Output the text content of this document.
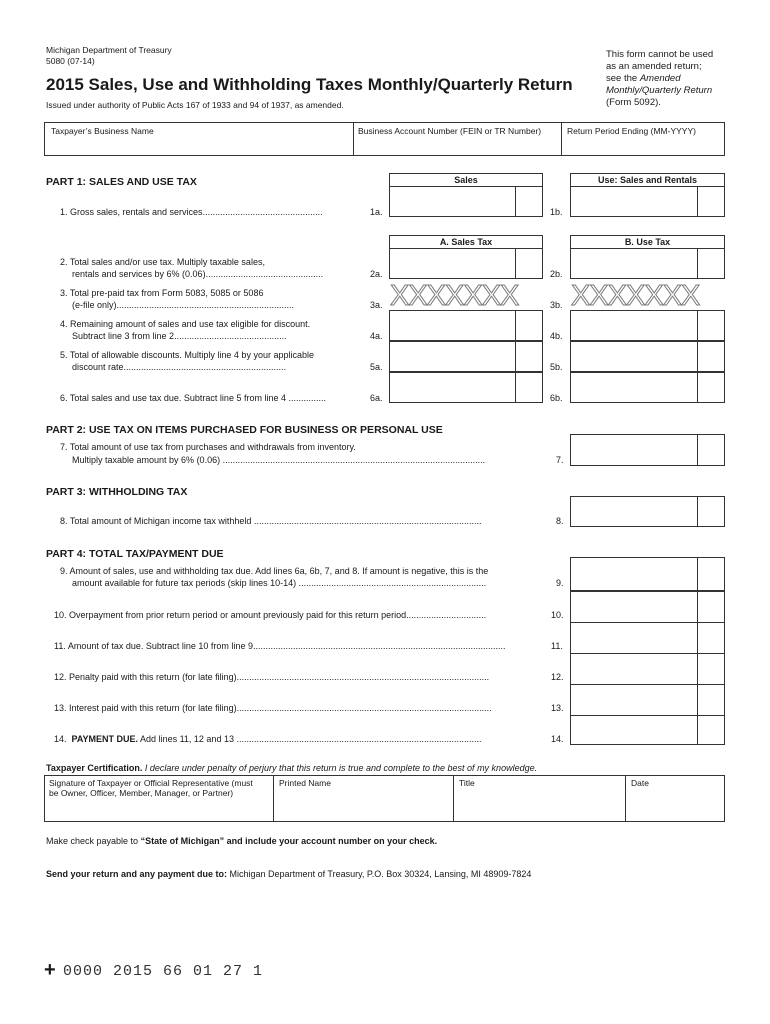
Michigan Department of Treasury
5080 (07-14)
2015 Sales, Use and Withholding Taxes Monthly/Quarterly Return
Issued under authority of Public Acts 167 of 1933 and 94 of 1937, as amended.
This form cannot be used
as an amended return;
see the Amended
Monthly/Quarterly Return
(Form 5092).
Taxpayer’s Business Name	Business Account Number (FEIN or TR Number)	Return Period Ending (MM-YYYY)
PART 1: SALES AND USE TAX	Sales	Use: Sales and Rentals
1. Gross sales, rentals and services................................................	1a.	1b.
A. Sales Tax	B. Use Tax
2. Total sales and/or use tax. Multiply taxable sales,
rentals and services by 6% (0.06)...............................................	2a.	2b.
3. Total pre-paid tax from Form 5083, 5085 or 5086
(e-file only).......................................................................	3a. XXXXXXX	3b. XXXXXXX
4. Remaining amount of sales and use tax eligible for discount.
Subtract line 3 from line 2.............................................	4a.	4b.
5. Total of allowable discounts. Multiply line 4 by your applicable
discount rate.................................................................	5a.	5b.
6. Total sales and use tax due. Subtract line 5 from line 4 ...............	6a.	6b.
PART 2: USE TAX ON ITEMS PURCHASED FOR BUSINESS OR PERSONAL USE
7. Total amount of use tax from purchases and withdrawals from inventory.
Multiply taxable amount by 6% (0.06) .........................................................................................................	7.
PART 3: WITHHOLDING TAX
8. Total amount of Michigan income tax withheld ...........................................................................................	8.
PART 4: TOTAL TAX/PAYMENT DUE
9. Amount of sales, use and withholding tax due. Add lines 6a, 6b, 7, and 8. If amount is negative, this is the
amount available for future tax periods (skip lines 10-14) ...........................................................................	9.
10. Overpayment from prior return period or amount previously paid for this return period................................	10.
11. Amount of tax due. Subtract line 10 from line 9.....................................................................................................	11.
12. Penalty paid with this return (for late filing).....................................................................................................	12.
13. Interest paid with this return (for late filing)......................................................................................................	13.
14. PAYMENT DUE. Add lines 11, 12 and 13 ..................................................................................................	14.
Taxpayer Certification. I declare under penalty of perjury that this return is true and complete to the best of my knowledge.
Signature of Taxpayer or Official Representative (must
be Owner, Officer, Member, Manager, or Partner)
Printed Name	Title	Date
Make check payable to “State of Michigan” and include your account number on your check.
Send your return and any payment due to: Michigan Department of Treasury, P.O. Box 30324, Lansing, MI 48909-7824
+ 0000 2015 66 01 27 1
